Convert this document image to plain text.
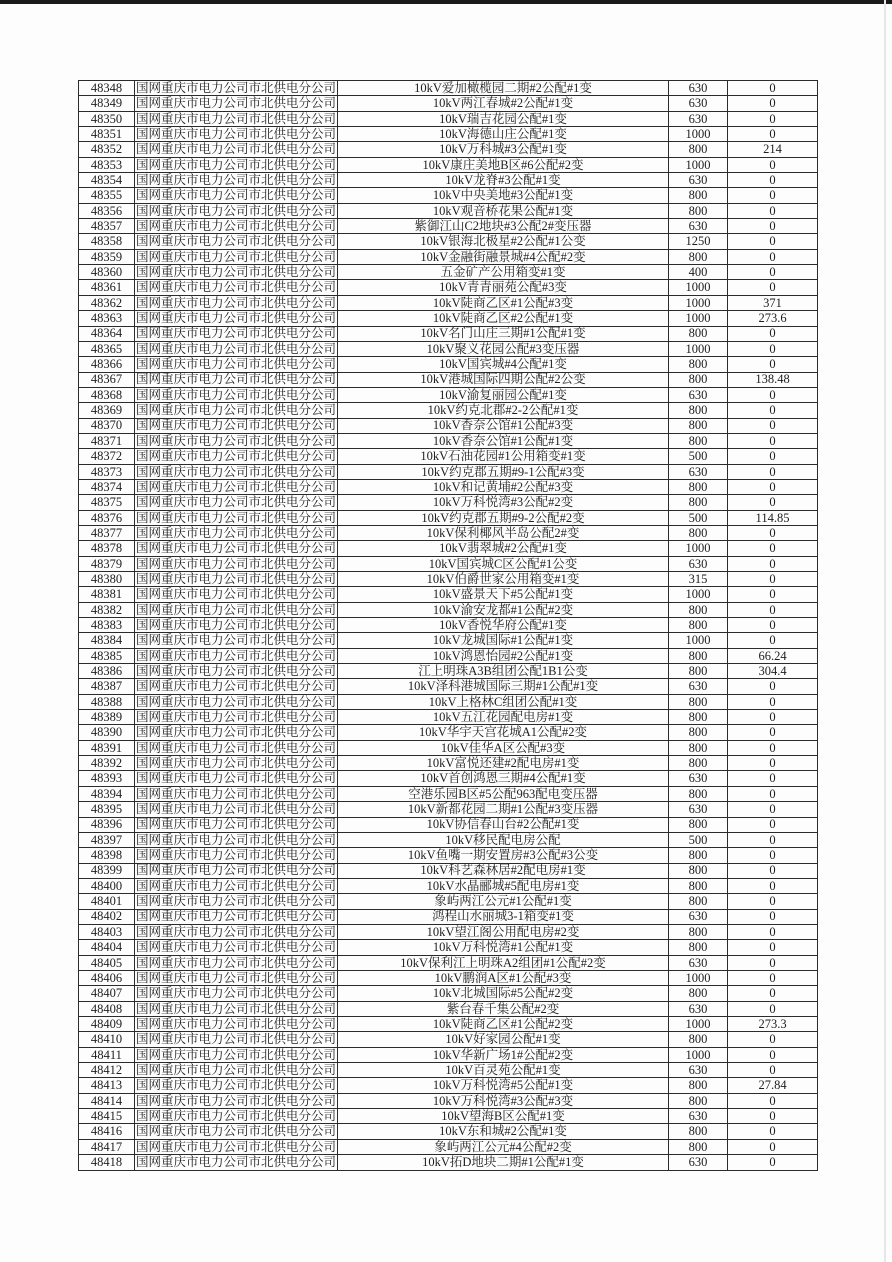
48348	国网重庆市电力公司市北供电分公司	10kV爱加橄榄园二期#2公配#1变	630	0
48349	国网重庆市电力公司市北供电分公司	10kV两江春城#2公配#1变	630	0
48350	国网重庆市电力公司市北供电分公司	10kV瑞吉花园公配#1变	630	0
48351	国网重庆市电力公司市北供电分公司	10kV海德山庄公配#1变	1000	0
48352	国网重庆市电力公司市北供电分公司	10kV万科城#3公配#1变	800	214
48353	国网重庆市电力公司市北供电分公司	10kV康庄美地B区#6公配#2变	1000	0
48354	国网重庆市电力公司市北供电分公司	10kV龙脊#3公配#1变	630	0
48355	国网重庆市电力公司市北供电分公司	10kV中央美地#3公配#1变	800	0
48356	国网重庆市电力公司市北供电分公司	10kV观音桥花果公配#1变	800	0
48357	国网重庆市电力公司市北供电分公司	紫御江山C2地块#3公配2#变压器	630	0
48358	国网重庆市电力公司市北供电分公司	10kV银海北极星#2公配#1公变	1250	0
48359	国网重庆市电力公司市北供电分公司	10kV金融街融景城#4公配#2变	800	0
48360	国网重庆市电力公司市北供电分公司	五金矿产公用箱变#1变	400	0
48361	国网重庆市电力公司市北供电分公司	10kV青青丽苑公配#3变	1000	0
48362	国网重庆市电力公司市北供电分公司	10kV陡商乙区#1公配#3变	1000	371
48363	国网重庆市电力公司市北供电分公司	10kV陡商乙区#2公配#1变	1000	273.6
48364	国网重庆市电力公司市北供电分公司	10kV名门山庄三期#1公配#1变	800	0
48365	国网重庆市电力公司市北供电分公司	10kV聚义花园公配#3变压器	1000	0
48366	国网重庆市电力公司市北供电分公司	10kV国宾城#4公配#1变	800	0
48367	国网重庆市电力公司市北供电分公司	10kV港城国际四期公配#2公变	800	138.48
48368	国网重庆市电力公司市北供电分公司	10kV渝复丽园公配#1变	630	0
48369	国网重庆市电力公司市北供电分公司	10kV约克北郡#2-2公配#1变	800	0
48370	国网重庆市电力公司市北供电分公司	10kV香奈公馆#1公配#3变	800	0
48371	国网重庆市电力公司市北供电分公司	10kV香奈公馆#1公配#1变	800	0
48372	国网重庆市电力公司市北供电分公司	10kV石油花园#1公用箱变#1变	500	0
48373	国网重庆市电力公司市北供电分公司	10kV约克郡五期#9-1公配#3变	630	0
48374	国网重庆市电力公司市北供电分公司	10kV和记黄埔#2公配#3变	800	0
48375	国网重庆市电力公司市北供电分公司	10kV万科悦湾#3公配#2变	800	0
48376	国网重庆市电力公司市北供电分公司	10kV约克郡五期#9-2公配#2变	500	114.85
48377	国网重庆市电力公司市北供电分公司	10kV保利椰风半岛公配2#变	800	0
48378	国网重庆市电力公司市北供电分公司	10kV翡翠城#2公配#1变	1000	0
48379	国网重庆市电力公司市北供电分公司	10kV国宾城C区公配#1公变	630	0
48380	国网重庆市电力公司市北供电分公司	10kV伯爵世家公用箱变#1变	315	0
48381	国网重庆市电力公司市北供电分公司	10kV盛景天下#5公配#1变	1000	0
48382	国网重庆市电力公司市北供电分公司	10kV渝安龙都#1公配#2变	800	0
48383	国网重庆市电力公司市北供电分公司	10kV香悦华府公配#1变	800	0
48384	国网重庆市电力公司市北供电分公司	10kV龙城国际#1公配#1变	1000	0
48385	国网重庆市电力公司市北供电分公司	10kV鸿恩怡园#2公配#1变	800	66.24
48386	国网重庆市电力公司市北供电分公司	江上明珠A3B组团公配1B1公变	800	304.4
48387	国网重庆市电力公司市北供电分公司	10kV泽科港城国际三期#1公配#1变	630	0
48388	国网重庆市电力公司市北供电分公司	10kV上格林C组团公配#1变	800	0
48389	国网重庆市电力公司市北供电分公司	10kV五江花园配电房#1变	800	0
48390	国网重庆市电力公司市北供电分公司	10kV华宇天宫花城A1公配#2变	800	0
48391	国网重庆市电力公司市北供电分公司	10kV佳华A区公配#3变	800	0
48392	国网重庆市电力公司市北供电分公司	10kV富悦还建#2配电房#1变	800	0
48393	国网重庆市电力公司市北供电分公司	10kV首创鸿恩三期#4公配#1变	630	0
48394	国网重庆市电力公司市北供电分公司	空港乐园B区#5公配963配电变压器	800	0
48395	国网重庆市电力公司市北供电分公司	10kV新都花园二期#1公配#3变压器	630	0
48396	国网重庆市电力公司市北供电分公司	10kV协信春山台#2公配#1变	800	0
48397	国网重庆市电力公司市北供电分公司	10kV移民配电房公配	500	0
48398	国网重庆市电力公司市北供电分公司	10kV鱼嘴一期安置房#3公配#3公变	800	0
48399	国网重庆市电力公司市北供电分公司	10kV科艺森林居#2配电房#1变	800	0
48400	国网重庆市电力公司市北供电分公司	10kV水晶郦城#5配电房#1变	800	0
48401	国网重庆市电力公司市北供电分公司	象屿两江公元#1公配#1变	800	0
48402	国网重庆市电力公司市北供电分公司	鸿程山水丽城3-1箱变#1变	630	0
48403	国网重庆市电力公司市北供电分公司	10kV望江阁公用配电房#2变	800	0
48404	国网重庆市电力公司市北供电分公司	10kV万科悦湾#1公配#1变	800	0
48405	国网重庆市电力公司市北供电分公司	10kV保利江上明珠A2组团#1公配#2变	630	0
48406	国网重庆市电力公司市北供电分公司	10kV鹏润A区#1公配#3变	1000	0
48407	国网重庆市电力公司市北供电分公司	10kV北城国际#5公配#2变	800	0
48408	国网重庆市电力公司市北供电分公司	紫台春千集公配#2变	630	0
48409	国网重庆市电力公司市北供电分公司	10kV陡商乙区#1公配#2变	1000	273.3
48410	国网重庆市电力公司市北供电分公司	10kV好家园公配#1变	800	0
48411	国网重庆市电力公司市北供电分公司	10kV华新广场1#公配#2变	1000	0
48412	国网重庆市电力公司市北供电分公司	10kV百灵苑公配#1变	630	0
48413	国网重庆市电力公司市北供电分公司	10kV万科悦湾#5公配#1变	800	27.84
48414	国网重庆市电力公司市北供电分公司	10kV万科悦湾#3公配#3变	800	0
48415	国网重庆市电力公司市北供电分公司	10kV望海B区公配#1变	630	0
48416	国网重庆市电力公司市北供电分公司	10kV东和城#2公配#1变	800	0
48417	国网重庆市电力公司市北供电分公司	象屿两江公元#4公配#2变	800	0
48418	国网重庆市电力公司市北供电分公司	10kV拓D地块二期#1公配#1变	630	0
